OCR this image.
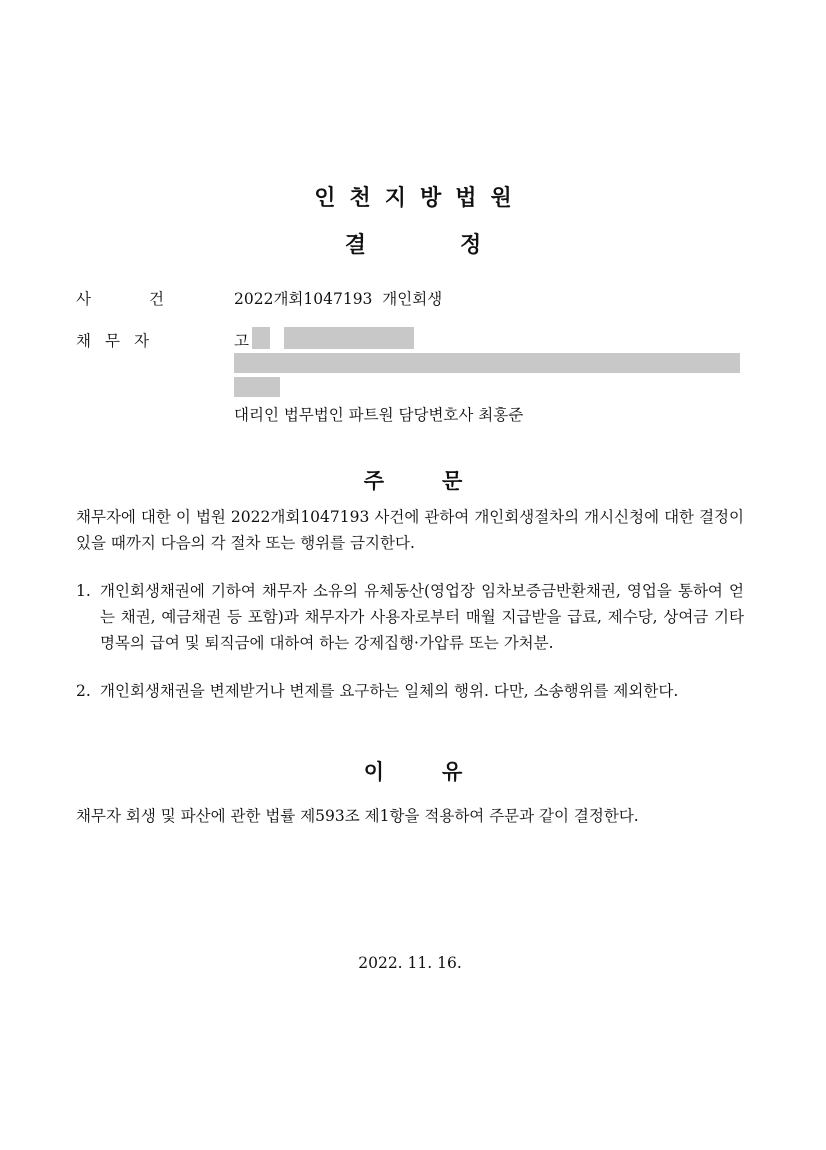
인천지방법원
결	정
사	건	2022개회1047193  개인회생
채무자	고
대리인 법무법인 파트원 담당변호사 최홍준
주	문
채무자에 대한 이 법원 2022개회1047193 사건에 관하여 개인회생절차의 개시신청에 대한 결정이 있을 때까지 다음의 각 절차 또는 행위를 금지한다.
1. 개인회생채권에 기하여 채무자 소유의 유체동산(영업장 임차보증금반환채권, 영업을 통하여 얻는 채권, 예금채권 등 포함)과 채무자가 사용자로부터 매월 지급받을 급료, 제수당, 상여금 기타 명목의 급여 및 퇴직금에 대하여 하는 강제집행·가압류 또는 가처분.
2. 개인회생채권을 변제받거나 변제를 요구하는 일체의 행위. 다만, 소송행위를 제외한다.
이	유
채무자 회생 및 파산에 관한 법률 제593조 제1항을 적용하여 주문과 같이 결정한다.
2022. 11. 16.
